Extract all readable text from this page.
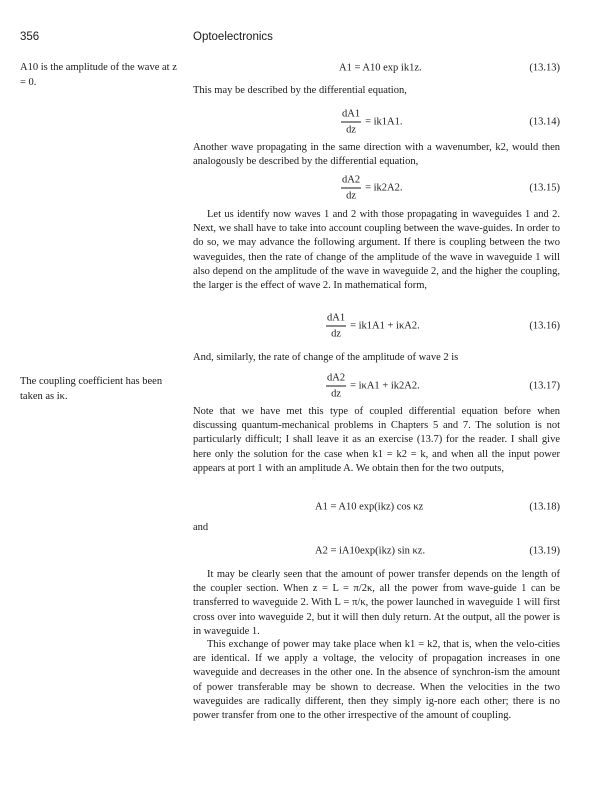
356	Optoelectronics
A10 is the amplitude of the wave at z = 0.
The coupling coefficient has been taken as iκ.
A1 = A10 exp ik1z.	(13.13)
This may be described by the differential equation,
$\frac{dA1}{dz} = ik1A1$.	(13.14)
Another wave propagating in the same direction with a wavenumber, k2, would then analogously be described by the differential equation,
$\frac{dA2}{dz} = ik2A2$.	(13.15)
Let us identify now waves 1 and 2 with those propagating in waveguides 1 and 2. Next, we shall have to take into account coupling between the wave-guides. In order to do so, we may advance the following argument. If there is coupling between the two waveguides, then the rate of change of the amplitude of the wave in waveguide 1 will also depend on the amplitude of the wave in waveguide 2, and the higher the coupling, the larger is the effect of wave 2. In mathematical form,
$\frac{dA1}{dz} = ik1A1 + i\kappa A2$.	(13.16)
And, similarly, the rate of change of the amplitude of wave 2 is
$\frac{dA2}{dz} = i\kappa A1 + ik2A2$.	(13.17)
Note that we have met this type of coupled differential equation before when discussing quantum-mechanical problems in Chapters 5 and 7. The solution is not particularly difficult; I shall leave it as an exercise (13.7) for the reader. I shall give here only the solution for the case when k1 = k2 = k, and when all the input power appears at port 1 with an amplitude A. We obtain then for the two outputs,
A1 = A10 exp(ikz) cos κz	(13.18)
and
A2 = iA10exp(ikz) sin κz.	(13.19)
It may be clearly seen that the amount of power transfer depends on the length of the coupler section. When z = L = π/2κ, all the power from wave-guide 1 can be transferred to waveguide 2. With L = π/κ, the power launched in waveguide 1 will first cross over into waveguide 2, but it will then duly return. At the output, all the power is in waveguide 1.
This exchange of power may take place when k1 = k2, that is, when the velo-cities are identical. If we apply a voltage, the velocity of propagation increases in one waveguide and decreases in the other one. In the absence of synchron-ism the amount of power transferable may be shown to decrease. When the velocities in the two waveguides are radically different, then they simply ig-nore each other; there is no power transfer from one to the other irrespective of the amount of coupling.
